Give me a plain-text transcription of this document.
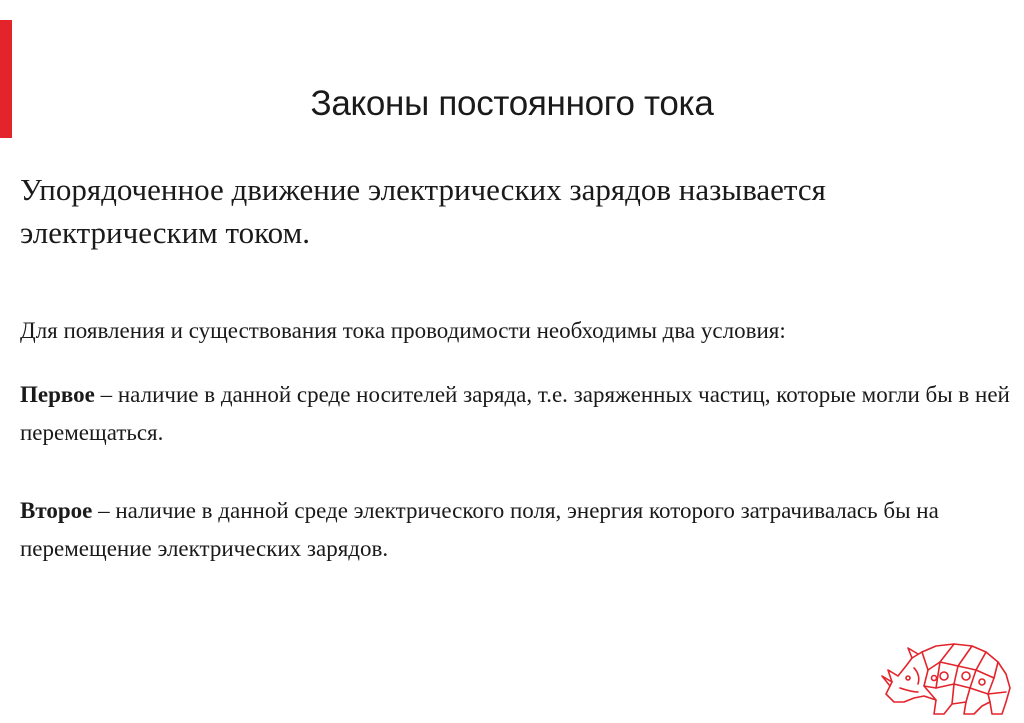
Законы постоянного тока

Упорядоченное движение электрических зарядов называется электрическим током.

Для появления и существования тока проводимости необходимы два условия:

Первое – наличие в данной среде носителей заряда, т.е. заряженных частиц, которые могли бы в ней перемещаться.

Второе – наличие в данной среде электрического поля, энергия которого затрачивалась бы на перемещение электрических зарядов.
